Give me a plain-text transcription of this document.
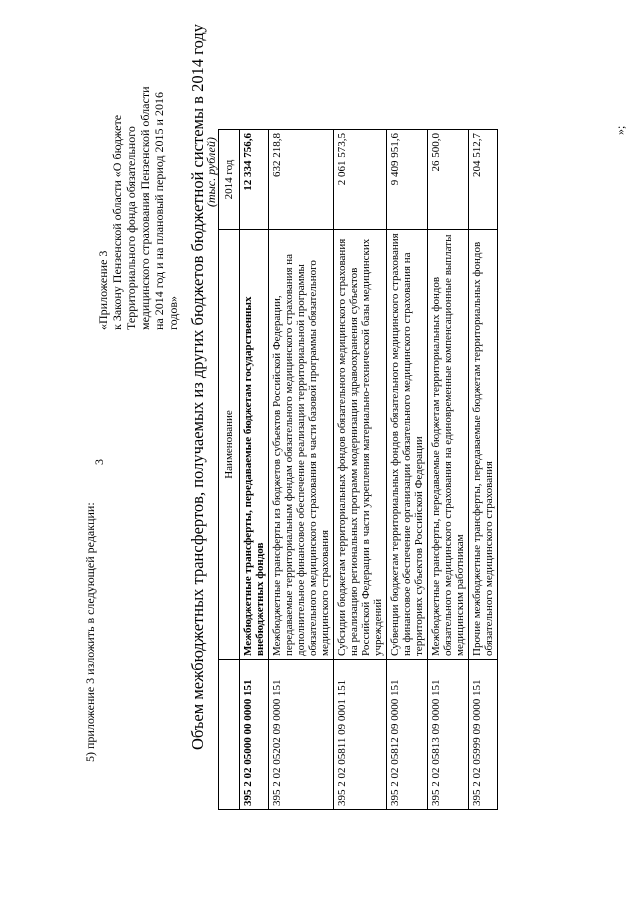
3
5) приложение 3 изложить в следующей редакции:
«Приложение 3 к Закону Пензенской области «О бюджете Территориального фонда обязательного медицинского страхования Пензенской области на 2014 год и на плановый период 2015 и 2016 годов» Объем межбюджетных трансфертов, получаемых из других бюджетов бюджетной системы в 2014 году
(тыс. рублей)
	Наименование	2014 год
395 2 02 05000 00 0000 151	Межбюджетные трансферты, передаваемые бюджетам государственных внебюджетных фондов	12 334 756,6
395 2 02 05202 09 0000 151	Межбюджетные трансферты из бюджетов субъектов Российской Федерации, передаваемые территориальным фондам обязательного медицинского страхования на дополнительное финансовое обеспечение реализации территориальной программы обязательного медицинского страхования в части базовой программы обязательного медицинского страхования	632 218,8
395 2 02 05811 09 0001 151	Субсидии бюджетам территориальных фондов обязательного медицинского страхования на реализацию региональных программ модернизации здравоохранения субъектов Российской Федерации в части укрепления материально-технической базы медицинских учреждений	2 061 573,5
395 2 02 05812 09 0000 151	Субвенции бюджетам территориальных фондов обязательного медицинского страхования на финансовое обеспечение организации обязательного медицинского страхования на территориях субъектов Российской Федерации	9 409 951,6
395 2 02 05813 09 0000 151	Межбюджетные трансферты, передаваемые бюджетам территориальных фондов обязательного медицинского страхования на единовременные компенсационные выплаты медицинским работникам	26 500,0
395 2 02 05999 09 0000 151	Прочие межбюджетные трансферты, передаваемые бюджетам территориальных фондов обязательного медицинского страхования	204 512,7
»;
